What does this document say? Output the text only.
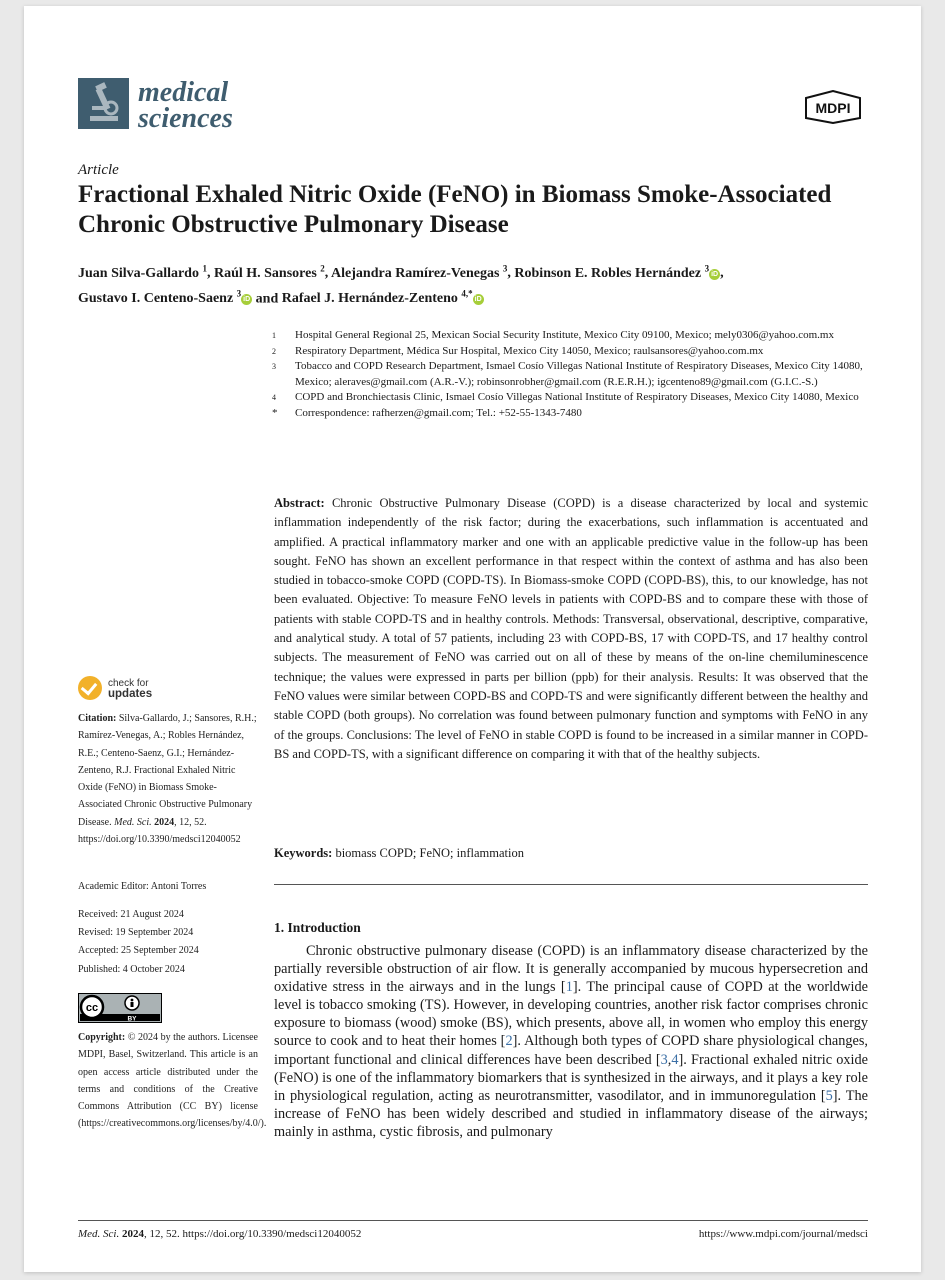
medical
sciences	MDPI
Article
Fractional Exhaled Nitric Oxide (FeNO) in Biomass Smoke-Associated Chronic Obstructive Pulmonary Disease
Juan Silva-Gallardo $^1$, Raúl H. Sansores $^2$, Alejandra Ramírez-Venegas $^3$, Robinson E. Robles Hernández $^3$iD ,
Gustavo I. Centeno-Saenz $^3$iD and Rafael J. Hernández-Zenteno $^{4,*}$iD
1	Hospital General Regional 25, Mexican Social Security Institute, Mexico City 09100, Mexico; mely0306@yahoo.com.mx
2	Respiratory Department, Médica Sur Hospital, Mexico City 14050, Mexico; raulsansores@yahoo.com.mx
3	Tobacco and COPD Research Department, Ismael Cosío Villegas National Institute of Respiratory Diseases, Mexico City 14080, Mexico; aleraves@gmail.com (A.R.-V.); robinsonrobher@gmail.com (R.E.R.H.); igcenteno89@gmail.com (G.I.C.-S.)
4	COPD and Bronchiectasis Clinic, Ismael Cosío Villegas National Institute of Respiratory Diseases, Mexico City 14080, Mexico
*	Correspondence: rafherzen@gmail.com; Tel.: +52-55-1343-7480
Abstract: Chronic Obstructive Pulmonary Disease (COPD) is a disease characterized by local and systemic inflammation independently of the risk factor; during the exacerbations, such inflammation is accentuated and amplified. A practical inflammatory marker and one with an applicable predictive value in the follow-up has been sought. FeNO has shown an excellent performance in that respect within the context of asthma and has also been studied in tobacco-smoke COPD (COPD-TS). In Biomass-smoke COPD (COPD-BS), this, to our knowledge, has not been evaluated. Objective: To measure FeNO levels in patients with COPD-BS and to compare these with those of patients with stable COPD-TS and in healthy controls. Methods: Transversal, observational, descriptive, comparative, and analytical study. A total of 57 patients, including 23 with COPD-BS, 17 with COPD-TS, and 17 healthy control subjects. The measurement of FeNO was carried out on all of these by means of the on-line chemiluminescence technique; the values were expressed in parts per billion (ppb) for their analysis. Results: It was observed that the FeNO values were similar between COPD-BS and COPD-TS and were significantly different between the healthy and stable COPD (both groups). No correlation was found between pulmonary function and symptoms with FeNO in any of the groups. Conclusions: The level of FeNO in stable COPD is found to be increased in a similar manner in COPD-BS and COPD-TS, with a significant difference on comparing it with that of the healthy subjects.
Keywords: biomass COPD; FeNO; inflammation
1. Introduction
Chronic obstructive pulmonary disease (COPD) is an inflammatory disease characterized by the partially reversible obstruction of air flow. It is generally accompanied by mucous hypersecretion and oxidative stress in the airways and in the lungs [1]. The principal cause of COPD at the worldwide level is tobacco smoking (TS). However, in developing countries, another risk factor comprises chronic exposure to biomass (wood) smoke (BS), which presents, above all, in women who employ this energy source to cook and to heat their homes [2]. Although both types of COPD share physiological changes, important functional and clinical differences have been described [3,4]. Fractional exhaled nitric oxide (FeNO) is one of the inflammatory biomarkers that is synthesized in the airways, and it plays a key role in physiological regulation, acting as neurotransmitter, vasodilator, and in immunoregulation [5]. The increase of FeNO has been widely described and studied in inflammatory disease of the airways; mainly in asthma, cystic fibrosis, and pulmonary
check for
updates
Citation: Silva-Gallardo, J.; Sansores, R.H.; Ramírez-Venegas, A.; Robles Hernández, R.E.; Centeno-Saenz, G.I.; Hernández-Zenteno, R.J. Fractional Exhaled Nitric Oxide (FeNO) in Biomass Smoke-Associated Chronic Obstructive Pulmonary Disease. Med. Sci. 2024, 12, 52. https://doi.org/10.3390/medsci12040052
Academic Editor: Antoni Torres
Received: 21 August 2024
Revised: 19 September 2024
Accepted: 25 September 2024
Published: 4 October 2024
cc
BY
Copyright: © 2024 by the authors. Licensee MDPI, Basel, Switzerland. This article is an open access article distributed under the terms and conditions of the Creative Commons Attribution (CC BY) license (https://creativecommons.org/licenses/by/4.0/).
Med. Sci. 2024, 12, 52. https://doi.org/10.3390/medsci12040052	https://www.mdpi.com/journal/medsci
